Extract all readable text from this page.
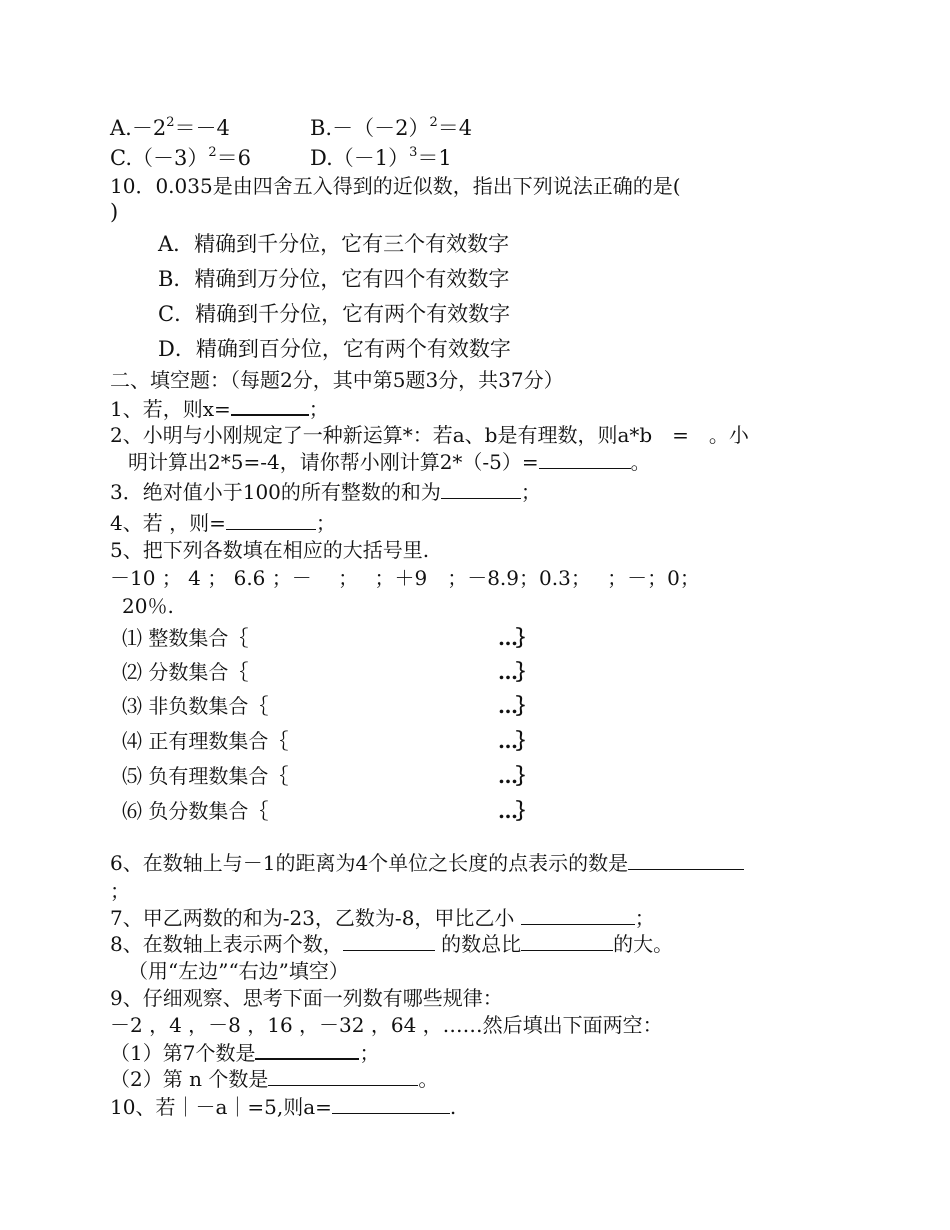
$A.-2^2=-4$	$B.-(-2)^2=4$
$C.(-3)^2=6$	$D.(-1)^3=1$
10．0.035是由四舍五入得到的近似数，指出下列说法正确的是(
)
A．精确到千分位，它有三个有效数字
B．精确到万分位，它有四个有效数字
C．精确到千分位，它有两个有效数字
D．精确到百分位，它有两个有效数字
二、填空题：（每题2分，其中第5题3分，共37分）
1、若，则x=	；
2、小明与小刚规定了一种新运算*：若a、b是有理数，则a*b　=　。小
明计算出2*5=-4，请你帮小刚计算2*（-5）=	。
3．绝对值小于100的所有整数的和为	；
4、若 ，则=	；
5、把下列各数填在相应的大括号里.
－10 ； 4 ； 6.6 ；－　 ；　 ；＋9　；－8.9；0.3；　 ；－；0；
20％.
⑴ 整数集合｛	…｝
⑵ 分数集合｛	…｝
⑶ 非负数集合｛	…｝
⑷ 正有理数集合｛	…｝
⑸ 负有理数集合｛	…｝
⑹ 负分数集合｛	…｝
6、在数轴上与－1的距离为4个单位之长度的点表示的数是
；
7、甲乙两数的和为-23，乙数为-8，甲比乙小	；
8、在数轴上表示两个数，	的数总比	的大。
（用“左边”“右边”填空）
9、仔细观察、思考下面一列数有哪些规律：
－2 ，4 ，－8 ，16 ，－32 ，64 ，……然后填出下面两空：
（1）第7个数是	；
（2）第 n 个数是	。
10、若｜－a｜=5,则a=	.
